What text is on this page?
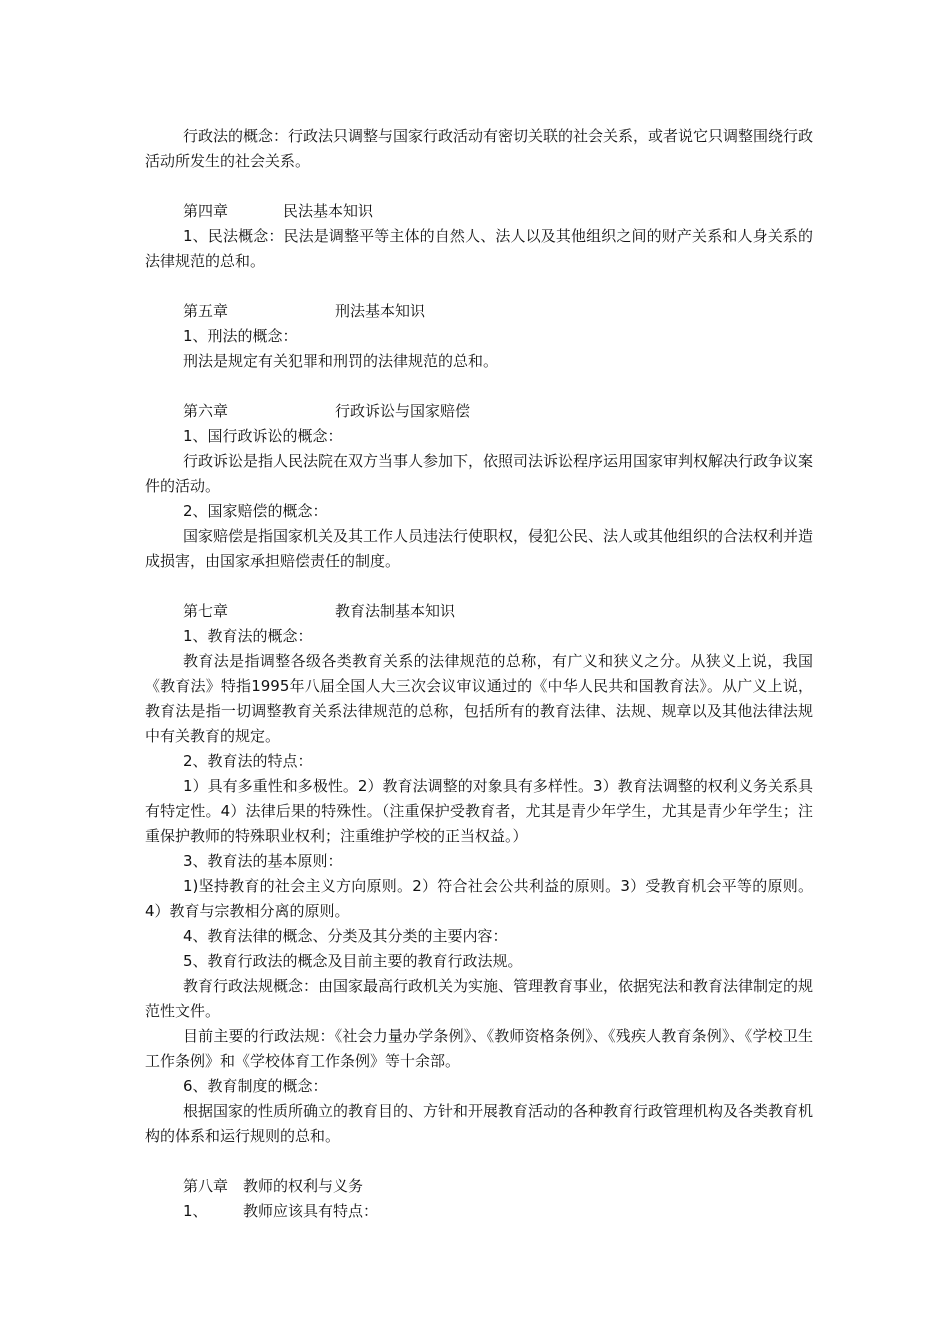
行政法的概念：行政法只调整与国家行政活动有密切关联的社会关系，或者说它只调整围绕行政活动所发生的社会关系。

第四章	民法基本知识

1、民法概念：民法是调整平等主体的自然人、法人以及其他组织之间的财产关系和人身关系的法律规范的总和。

第五章	刑法基本知识

1、刑法的概念：

刑法是规定有关犯罪和刑罚的法律规范的总和。

第六章	行政诉讼与国家赔偿

1、国行政诉讼的概念：

行政诉讼是指人民法院在双方当事人参加下，依照司法诉讼程序运用国家审判权解决行政争议案件的活动。

2、国家赔偿的概念：

国家赔偿是指国家机关及其工作人员违法行使职权，侵犯公民、法人或其他组织的合法权利并造成损害，由国家承担赔偿责任的制度。

第七章	教育法制基本知识

1、教育法的概念：

教育法是指调整各级各类教育关系的法律规范的总称，有广义和狭义之分。从狭义上说，我国《教育法》特指1995年八届全国人大三次会议审议通过的《中华人民共和国教育法》。从广义上说，教育法是指一切调整教育关系法律规范的总称，包括所有的教育法律、法规、规章以及其他法律法规中有关教育的规定。

2、教育法的特点：

1）具有多重性和多极性。2）教育法调整的对象具有多样性。3）教育法调整的权利义务关系具有特定性。4）法律后果的特殊性。（注重保护受教育者，尤其是青少年学生，尤其是青少年学生；注重保护教师的特殊职业权利；注重维护学校的正当权益。）

3、教育法的基本原则：

1)坚持教育的社会主义方向原则。2）符合社会公共利益的原则。3）受教育机会平等的原则。4）教育与宗教相分离的原则。

4、教育法律的概念、分类及其分类的主要内容：

5、教育行政法的概念及目前主要的教育行政法规。

教育行政法规概念：由国家最高行政机关为实施、管理教育事业，依据宪法和教育法律制定的规范性文件。

目前主要的行政法规：《社会力量办学条例》、《教师资格条例》、《残疾人教育条例》、《学校卫生工作条例》和《学校体育工作条例》等十余部。

6、教育制度的概念：

根据国家的性质所确立的教育目的、方针和开展教育活动的各种教育行政管理机构及各类教育机构的体系和运行规则的总和。

第八章 教师的权利与义务
1、	教师应该具有特点：
